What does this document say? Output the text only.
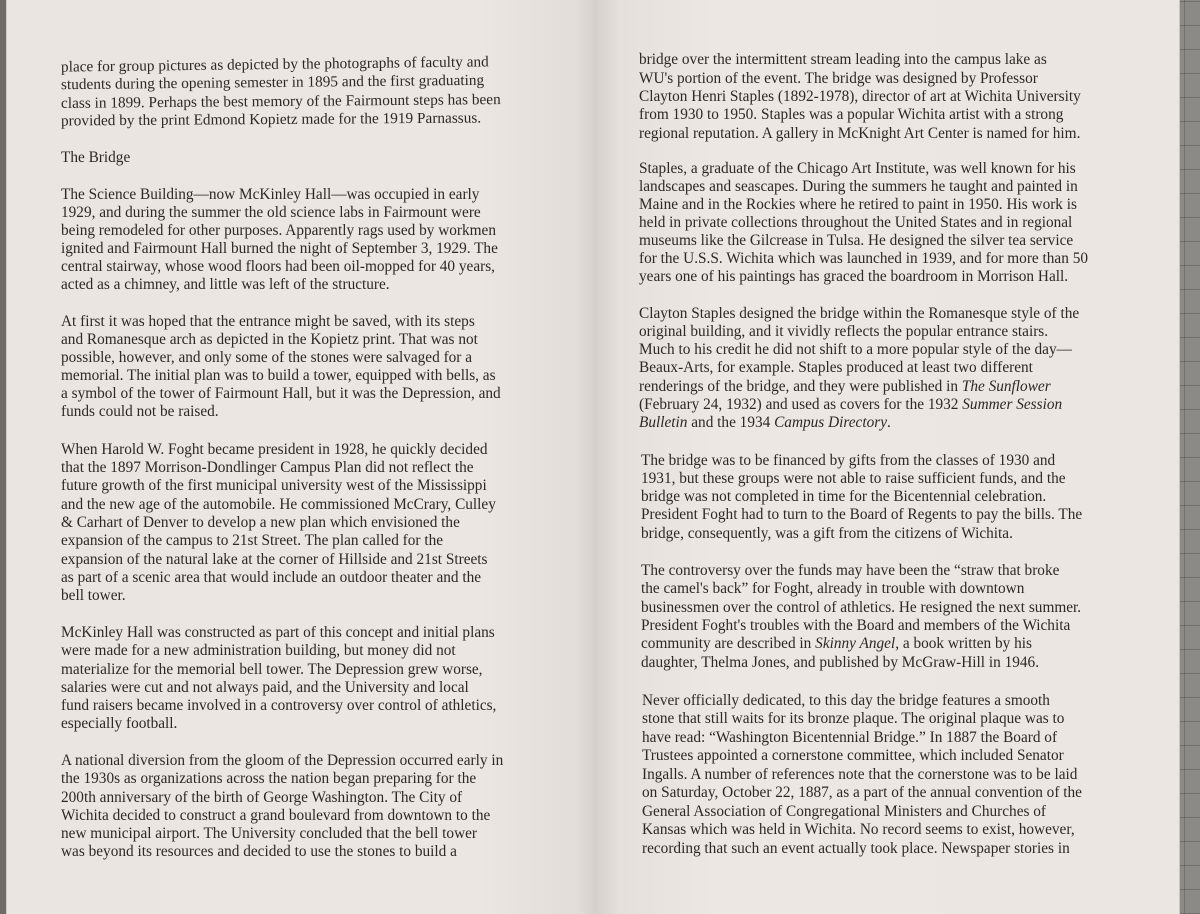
place for group pictures as depicted by the photographs of faculty and
students during the opening semester in 1895 and the first graduating
class in 1899. Perhaps the best memory of the Fairmount steps has been
provided by the print Edmond Kopietz made for the 1919 Parnassus.
The Bridge
The Science Building—now McKinley Hall—was occupied in early
1929, and during the summer the old science labs in Fairmount were
being remodeled for other purposes. Apparently rags used by workmen
ignited and Fairmount Hall burned the night of September 3, 1929. The
central stairway, whose wood floors had been oil-mopped for 40 years,
acted as a chimney, and little was left of the structure.
At first it was hoped that the entrance might be saved, with its steps
and Romanesque arch as depicted in the Kopietz print. That was not
possible, however, and only some of the stones were salvaged for a
memorial. The initial plan was to build a tower, equipped with bells, as
a symbol of the tower of Fairmount Hall, but it was the Depression, and
funds could not be raised.
When Harold W. Foght became president in 1928, he quickly decided
that the 1897 Morrison-Dondlinger Campus Plan did not reflect the
future growth of the first municipal university west of the Mississippi
and the new age of the automobile. He commissioned McCrary, Culley
& Carhart of Denver to develop a new plan which envisioned the
expansion of the campus to 21st Street. The plan called for the
expansion of the natural lake at the corner of Hillside and 21st Streets
as part of a scenic area that would include an outdoor theater and the
bell tower.
McKinley Hall was constructed as part of this concept and initial plans
were made for a new administration building, but money did not
materialize for the memorial bell tower. The Depression grew worse,
salaries were cut and not always paid, and the University and local
fund raisers became involved in a controversy over control of athletics,
especially football.
A national diversion from the gloom of the Depression occurred early in
the 1930s as organizations across the nation began preparing for the
200th anniversary of the birth of George Washington. The City of
Wichita decided to construct a grand boulevard from downtown to the
new municipal airport. The University concluded that the bell tower
was beyond its resources and decided to use the stones to build a
bridge over the intermittent stream leading into the campus lake as
WU's portion of the event. The bridge was designed by Professor
Clayton Henri Staples (1892-1978), director of art at Wichita University
from 1930 to 1950. Staples was a popular Wichita artist with a strong
regional reputation. A gallery in McKnight Art Center is named for him.
Staples, a graduate of the Chicago Art Institute, was well known for his
landscapes and seascapes. During the summers he taught and painted in
Maine and in the Rockies where he retired to paint in 1950. His work is
held in private collections throughout the United States and in regional
museums like the Gilcrease in Tulsa. He designed the silver tea service
for the U.S.S. Wichita which was launched in 1939, and for more than 50
years one of his paintings has graced the boardroom in Morrison Hall.
Clayton Staples designed the bridge within the Romanesque style of the
original building, and it vividly reflects the popular entrance stairs.
Much to his credit he did not shift to a more popular style of the day—
Beaux-Arts, for example. Staples produced at least two different
renderings of the bridge, and they were published in The Sunflower
(February 24, 1932) and used as covers for the 1932 Summer Session
Bulletin and the 1934 Campus Directory.
The bridge was to be financed by gifts from the classes of 1930 and
1931, but these groups were not able to raise sufficient funds, and the
bridge was not completed in time for the Bicentennial celebration.
President Foght had to turn to the Board of Regents to pay the bills. The
bridge, consequently, was a gift from the citizens of Wichita.
The controversy over the funds may have been the “straw that broke
the camel's back” for Foght, already in trouble with downtown
businessmen over the control of athletics. He resigned the next summer.
President Foght's troubles with the Board and members of the Wichita
community are described in Skinny Angel, a book written by his
daughter, Thelma Jones, and published by McGraw-Hill in 1946.
Never officially dedicated, to this day the bridge features a smooth
stone that still waits for its bronze plaque. The original plaque was to
have read: “Washington Bicentennial Bridge.” In 1887 the Board of
Trustees appointed a cornerstone committee, which included Senator
Ingalls. A number of references note that the cornerstone was to be laid
on Saturday, October 22, 1887, as a part of the annual convention of the
General Association of Congregational Ministers and Churches of
Kansas which was held in Wichita. No record seems to exist, however,
recording that such an event actually took place. Newspaper stories in
